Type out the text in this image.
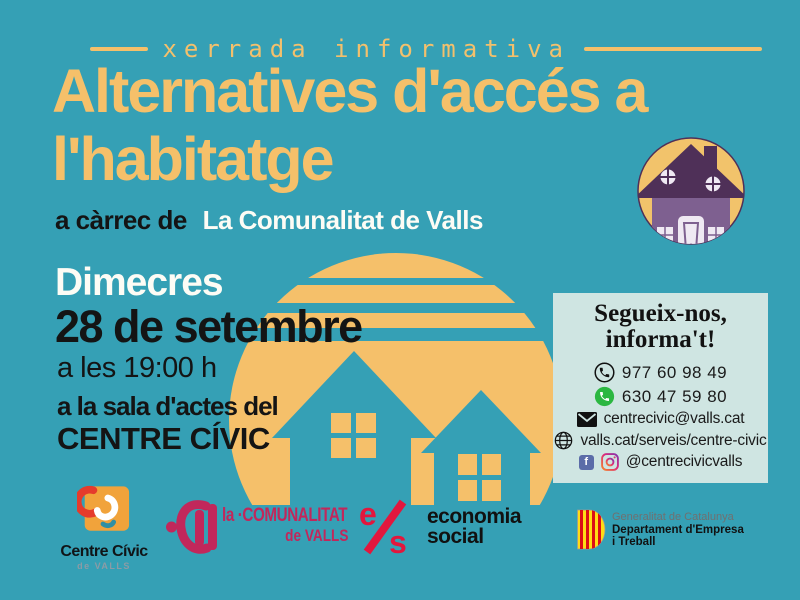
xerrada informativa
Alternatives d'accés a
l'habitatge
a càrrec de La Comunalitat de Valls
Dimecres
28 de setembre
a les 19:00 h
a la sala d'actes del
CENTRE CÍVIC
Segueix-nos,
informa't!
977 60 98 49
630 47 59 80
centrecivic@valls.cat
valls.cat/serveis/centre-civic
f	@centrecivicvalls
Centre Cívic
de VALLS
la ·COMUNALITAT
de VALLS
e
s
economia
social
Generalitat de Catalunya
Departament d'Empresa
i Treball
